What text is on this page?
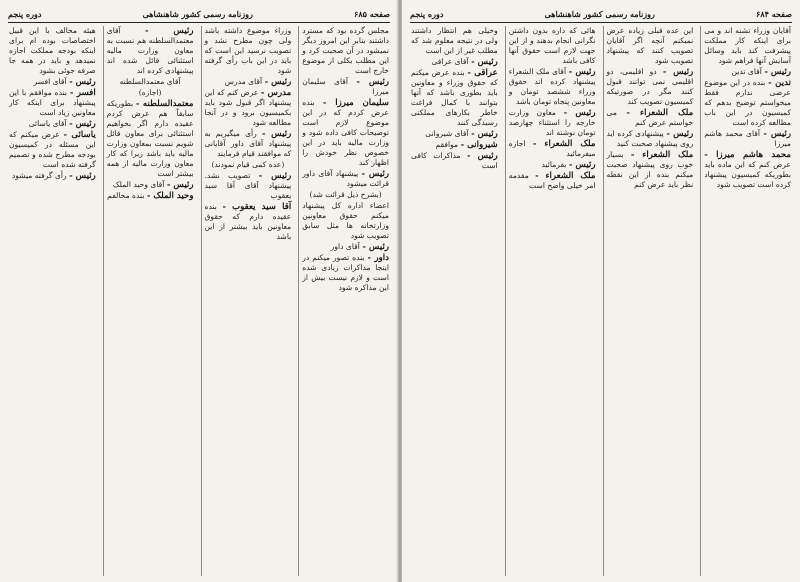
صفحه ۶۸۵
روزنامه رسمی کشور شاهنشاهی
دوره پنجم

مجلس گرده بود که مسترد داشتند بنابر این امروز دیگر نمیشود در آن صحبت کرد و این مطلب بکلی از موضوع خارج است

رئیس - آقای سلیمان میرزا

سلیمان میرزا - بنده عرض کردم که در این موضوع لازم است توضیحات کافی داده شود و وزارت مالیه باید در این خصوص نظر خودش را اظهار کند

رئیس - پیشنهاد آقای داور قرائت میشود

(بشرح ذیل قرائت شد)

اعضاء اداره کل پیشنهاد میکنم حقوق معاونین وزارتخانه ها مثل سابق تصویب شود

رئیس - آقای داور

داور - بنده تصور میکنم در اینجا مذاکرات زیادی شده است و لازم نیست بیش از این مذاکره شود

وزراء موضوع داشته باشد ولی چون مطرح نشد و تصویب نرسید این است که باید در این باب رأی گرفته شود

رئیس - آقای مدرس

مدرس - عرض کنم که این پیشنهاد اگر قبول شود باید بکمیسیون برود و در آنجا مطالعه شود

رئیس - رأی میگیریم به پیشنهاد آقای داور آقایانی که موافقند قیام فرمایند

(عده کمی قیام نمودند)

رئیس - تصویب نشد. پیشنهاد آقای آقا سید یعقوب

آقا سید یعقوب - بنده عقیده دارم که حقوق معاونین باید بیشتر از این باشد

رئیس - آقای معتمدالسلطنه هم نسبت به معاون وزارت مالیه استثنائی قائل شده اند پیشنهادی کرده اند

آقای معتمدالسلطنه

(اجازه)

معتمدالسلطنه - بطوریکه سابقاً هم عرض کردم عقیده دارم اگر بخواهیم استثنائی برای معاون قائل شویم نسبت بمعاون وزارت مالیه باید باشد زیرا که کار معاون وزارت مالیه از همه بیشتر است

رئیس - آقای وحید الملک

وحید الملک - بنده مخالفم

هیئه مخالف با این قبیل اختصاصات بوده ام برای اینکه بودجه مملکت اجازه نمیدهد و باید در همه جا صرفه جوئی بشود

رئیس - آقای افسر

افسر - بنده موافقم با این پیشنهاد برای اینکه کار معاونین زیاد است

رئیس - آقای یاسائی

یاسائی - عرض میکنم که این مسئله در کمیسیون بودجه مطرح شده و تصمیم گرفته شده است

رئیس - رأی گرفته میشود

صفحه ۶۸۴
روزنامه رسمی کشور شاهنشاهی
دوره پنجم

آقایان وزراء تشنه اند و می برای اینکه کار مملکت پیشرفت کند باید وسائل آسایش آنها فراهم شود

رئیس - آقای تدین

تدین - بنده در این موضوع عرضی ندارم فقط میخواستم توضیح بدهم که کمیسیون در این باب مطالعه کرده است

رئیس - آقای محمد هاشم میرزا

محمد هاشم میرزا - عرض کنم که این ماده باید بطوریکه کمیسیون پیشنهاد کرده است تصویب شود

این عده قبلی زیاده عرض نمیکنم آنچه اگر آقایان تصویب کنند که پیشنهاد تصویب شود

رئیس - دو اقلیمی، دو اقلیمی نمی توانند قبول کنند مگر در صورتیکه کمیسیون تصویب کند

ملک الشعراء - می خواستم عرض کنم

رئیس - پیشنهادی کرده اید روی پیشنهاد صحبت کنید

ملک الشعراء - بسیار خوب روی پیشنهاد صحبت میکنم بنده از این نقطه نظر باید عرض کنم

هائی که داره بدون داشتن نگرانی انجام بدهند و از این جهت لازم است حقوق آنها کافی باشد

رئیس - آقای ملک الشعراء پیشنهاد کرده اند حقوق وزراء ششصد تومان و معاونین پنجاه تومان باشد

رئیس - معاون وزارت خارجه را استثناء چهارصد تومان نوشته اند

ملک الشعراء - اجازه میفرمائید

رئیس - بفرمائید

ملک الشعراء - مقدمه امر خیلی واضح است

وخیلی هم انتظار داشتند ولی در نتیجه معلوم شد که مطلب غیر از این است

رئیس - آقای عراقی

عراقی - بنده عرض میکنم که حقوق وزراء و معاونین باید بطوری باشد که آنها بتوانند با کمال فراغت خاطر بکارهای مملکتی رسیدگی کنند

رئیس - آقای شیروانی

شیروانی - موافقم

رئیس - مذاکرات کافی است
